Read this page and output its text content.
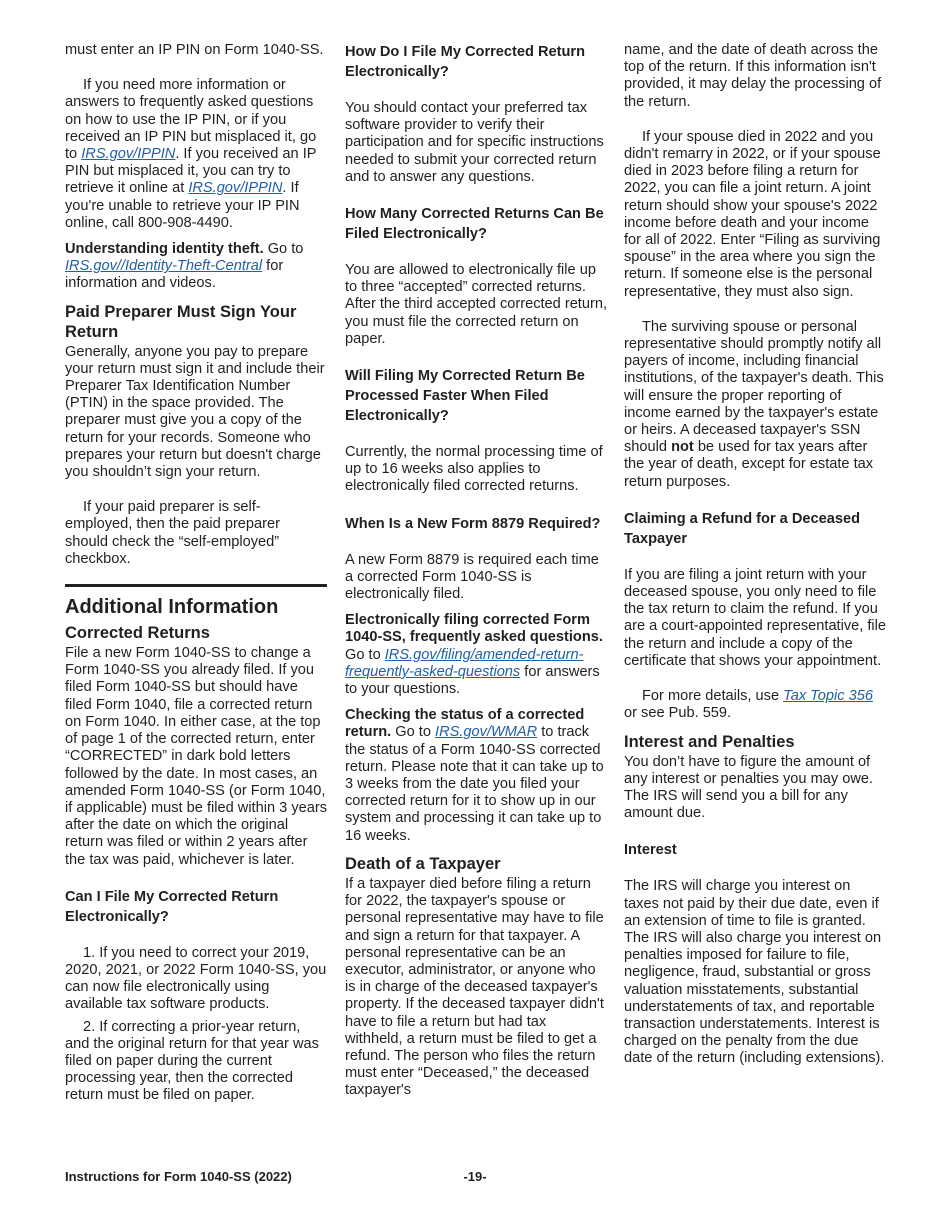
must enter an IP PIN on Form 1040-SS.

If you need more information or answers to frequently asked questions on how to use the IP PIN, or if you received an IP PIN but misplaced it, go to IRS.gov/IPPIN. If you received an IP PIN but misplaced it, you can try to retrieve it online at IRS.gov/IPPIN. If you're unable to retrieve your IP PIN online, call 800-908-4490.

Understanding identity theft. Go to IRS.gov//Identity-Theft-Central for information and videos.

Paid Preparer Must Sign Your Return

Generally, anyone you pay to prepare your return must sign it and include their Preparer Tax Identification Number (PTIN) in the space provided. The preparer must give you a copy of the return for your records. Someone who prepares your return but doesn't charge you shouldn’t sign your return.

If your paid preparer is self-employed, then the paid preparer should check the “self-employed” checkbox.

Additional Information
Corrected Returns

File a new Form 1040-SS to change a Form 1040-SS you already filed. If you filed Form 1040-SS but should have filed Form 1040, file a corrected return on Form 1040. In either case, at the top of page 1 of the corrected return, enter “CORRECTED” in dark bold letters followed by the date. In most cases, an amended Form 1040-SS (or Form 1040, if applicable) must be filed within 3 years after the date on which the original return was filed or within 2 years after the tax was paid, whichever is later.

Can I File My Corrected Return Electronically?

1. If you need to correct your 2019, 2020, 2021, or 2022 Form 1040-SS, you can now file electronically using available tax software products.

2. If correcting a prior-year return, and the original return for that year was filed on paper during the current processing year, then the corrected return must be filed on paper.

How Do I File My Corrected Return Electronically?

You should contact your preferred tax software provider to verify their participation and for specific instructions needed to submit your corrected return and to answer any questions.

How Many Corrected Returns Can Be Filed Electronically?

You are allowed to electronically file up to three “accepted” corrected returns. After the third accepted corrected return, you must file the corrected return on paper.

Will Filing My Corrected Return Be Processed Faster When Filed Electronically?

Currently, the normal processing time of up to 16 weeks also applies to electronically filed corrected returns.

When Is a New Form 8879 Required?

A new Form 8879 is required each time a corrected Form 1040-SS is electronically filed.

Electronically filing corrected Form 1040-SS, frequently asked questions. Go to IRS.gov/filing/amended-return-frequently-asked-questions for answers to your questions.

Checking the status of a corrected return. Go to IRS.gov/WMAR to track the status of a Form 1040-SS corrected return. Please note that it can take up to 3 weeks from the date you filed your corrected return for it to show up in our system and processing it can take up to 16 weeks.

Death of a Taxpayer

If a taxpayer died before filing a return for 2022, the taxpayer's spouse or personal representative may have to file and sign a return for that taxpayer. A personal representative can be an executor, administrator, or anyone who is in charge of the deceased taxpayer's property. If the deceased taxpayer didn't have to file a return but had tax withheld, a return must be filed to get a refund. The person who files the return must enter “Deceased,” the deceased taxpayer's

name, and the date of death across the top of the return. If this information isn't provided, it may delay the processing of the return.

If your spouse died in 2022 and you didn't remarry in 2022, or if your spouse died in 2023 before filing a return for 2022, you can file a joint return. A joint return should show your spouse's 2022 income before death and your income for all of 2022. Enter “Filing as surviving spouse” in the area where you sign the return. If someone else is the personal representative, they must also sign.

The surviving spouse or personal representative should promptly notify all payers of income, including financial institutions, of the taxpayer's death. This will ensure the proper reporting of income earned by the taxpayer's estate or heirs. A deceased taxpayer's SSN should not be used for tax years after the year of death, except for estate tax return purposes.

Claiming a Refund for a Deceased Taxpayer

If you are filing a joint return with your deceased spouse, you only need to file the tax return to claim the refund. If you are a court-appointed representative, file the return and include a copy of the certificate that shows your appointment.

For more details, use Tax Topic 356 or see Pub. 559.

Interest and Penalties

You don’t have to figure the amount of any interest or penalties you may owe. The IRS will send you a bill for any amount due.

Interest

The IRS will charge you interest on taxes not paid by their due date, even if an extension of time to file is granted. The IRS will also charge you interest on penalties imposed for failure to file, negligence, fraud, substantial or gross valuation misstatements, substantial understatements of tax, and reportable transaction understatements. Interest is charged on the penalty from the due date of the return (including extensions).

-19-
Instructions for Form 1040-SS (2022)
